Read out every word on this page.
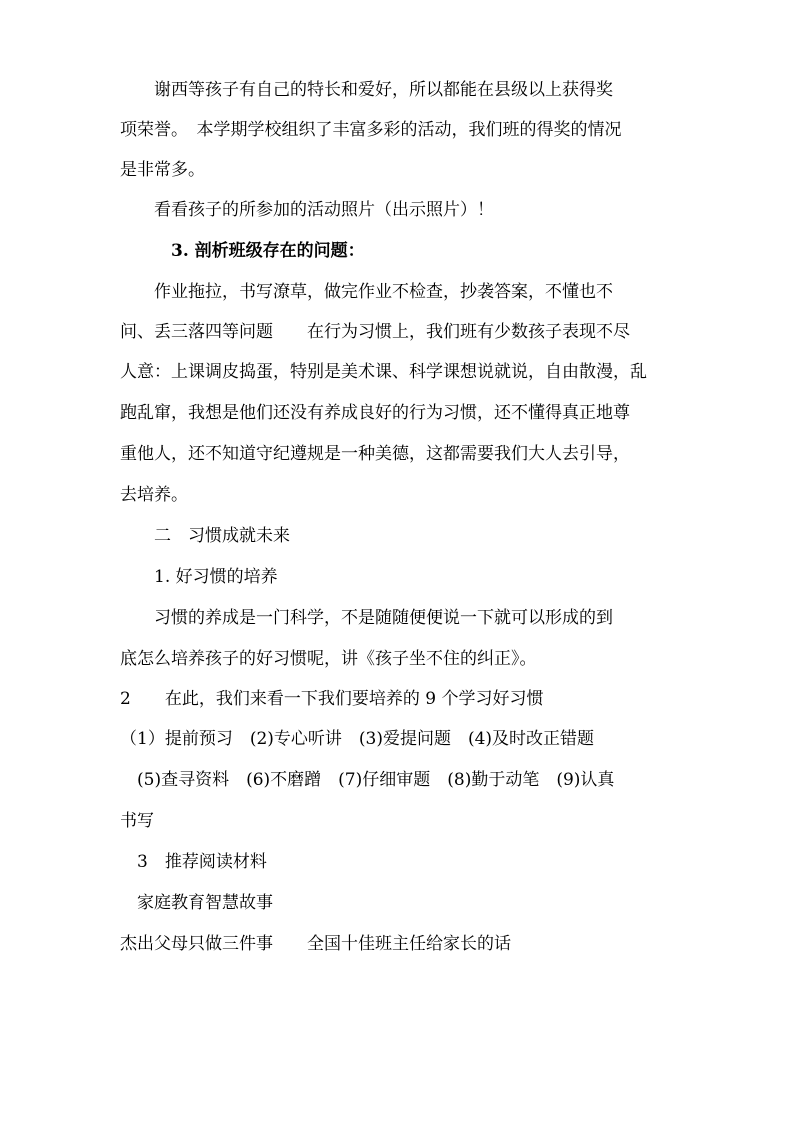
　　谢西等孩子有自己的特长和爱好，所以都能在县级以上获得奖
项荣誉。　本学期学校组织了丰富多彩的活动，我们班的得奖的情况
是非常多。
　　看看孩子的所参加的活动照片（出示照片）！
　　　3. 剖析班级存在的问题：
　　作业拖拉，书写潦草，做完作业不检查，抄袭答案，不懂也不
问、丢三落四等问题　　在行为习惯上，我们班有少数孩子表现不尽
人意：上课调皮捣蛋，特别是美术课、科学课想说就说，自由散漫，乱
跑乱窜，我想是他们还没有养成良好的行为习惯，还不懂得真正地尊
重他人，还不知道守纪遵规是一种美德，这都需要我们大人去引导，
去培养。
　　二　习惯成就未来
　　1. 好习惯的培养
　　习惯的养成是一门科学，不是随随便便说一下就可以形成的到
底怎么培养孩子的好习惯呢，讲《孩子坐不住的纠正》。
2　　在此，我们来看一下我们要培养的 9 个学习好习惯
（1）提前预习　(2)专心听讲　(3)爱提问题　(4)及时改正错题
　(5)查寻资料　(6)不磨蹭　(7)仔细审题　(8)勤于动笔　(9)认真
书写
　3　推荐阅读材料
　家庭教育智慧故事
杰出父母只做三件事　　全国十佳班主任给家长的话
